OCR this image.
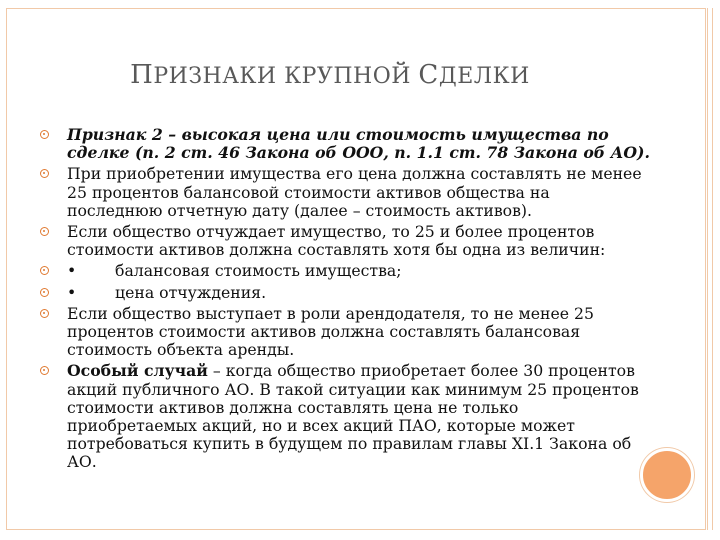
ПРИЗНАКИ КРУПНОЙ СДЕЛКИ
Признак 2 – высокая цена или стоимость имущества по сделке (п. 2 ст. 46 Закона об ООО, п. 1.1 ст. 78 Закона об АО).
При приобретении имущества его цена должна составлять не менее 25 процентов балансовой стоимости активов общества на последнюю отчетную дату (далее – стоимость активов).
Если общество отчуждает имущество, то 25 и более процентов стоимости активов должна составлять хотя бы одна из величин:
• балансовая стоимость имущества;
• цена отчуждения.
Если общество выступает в роли арендодателя, то не менее 25 процентов стоимости активов должна составлять балансовая стоимость объекта аренды.
Особый случай – когда общество приобретает более 30 процентов акций публичного АО. В такой ситуации как минимум 25 процентов стоимости активов должна составлять цена не только приобретаемых акций, но и всех акций ПАО, которые может потребоваться купить в будущем по правилам главы XI.1 Закона об АО.
